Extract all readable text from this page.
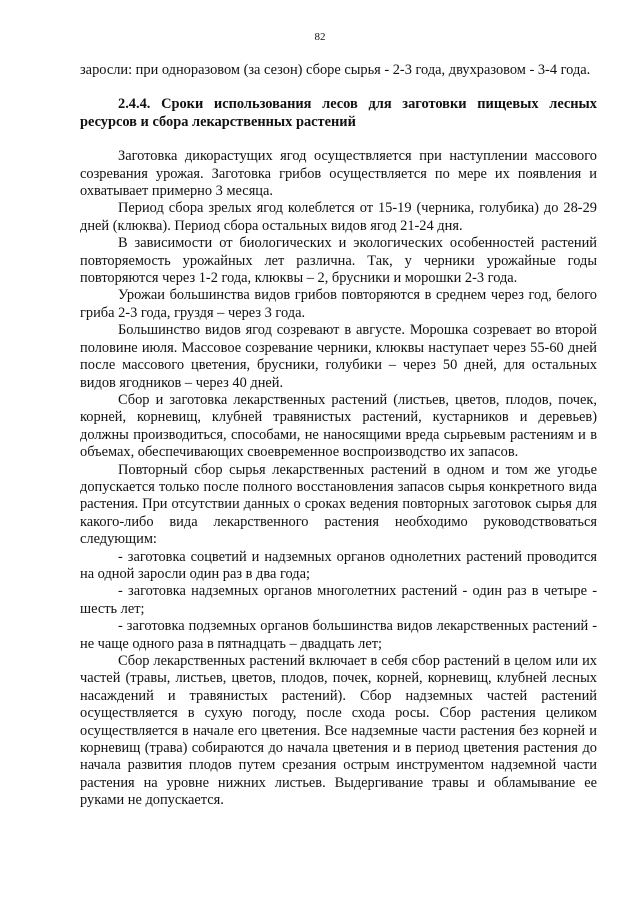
82

заросли: при одноразовом (за сезон) сборе сырья - 2-3 года, двухразовом - 3-4 года.

2.4.4. Сроки использования лесов для заготовки пищевых лесных ресурсов и сбора лекарственных растений

Заготовка дикорастущих ягод осуществляется при наступлении массового созревания урожая. Заготовка грибов осуществляется по мере их появления и охватывает примерно 3 месяца.

Период сбора зрелых ягод колеблется от 15-19 (черника, голубика) до 28-29 дней (клюква). Период сбора остальных видов ягод 21-24 дня.

В зависимости от биологических и экологических особенностей растений повторяемость урожайных лет различна. Так, у черники урожайные годы повторяются через 1-2 года, клюквы – 2, брусники и морошки 2-3 года.

Урожаи большинства видов грибов повторяются в среднем через год, белого гриба 2-3 года, груздя – через 3 года.

Большинство видов ягод созревают в августе. Морошка созревает во второй половине июля. Массовое созревание черники, клюквы наступает через 55-60 дней после массового цветения, брусники, голубики – через 50 дней, для остальных видов ягодников – через 40 дней.

Сбор и заготовка лекарственных растений (листьев, цветов, плодов, почек, корней, корневищ, клубней травянистых растений, кустарников и деревьев) должны производиться, способами, не наносящими вреда сырьевым растениям и в объемах, обеспечивающих своевременное воспроизводство их запасов.

Повторный сбор сырья лекарственных растений в одном и том же угодье допускается только после полного восстановления запасов сырья конкретного вида растения. При отсутствии данных о сроках ведения повторных заготовок сырья для какого-либо вида лекарственного растения необходимо руководствоваться следующим:

- заготовка соцветий и надземных органов однолетних растений проводится на одной заросли один раз в два года;

- заготовка надземных органов многолетних растений - один раз в четыре - шесть лет;

- заготовка подземных органов большинства видов лекарственных растений - не чаще одного раза в пятнадцать – двадцать лет;

Сбор лекарственных растений включает в себя сбор растений в целом или их частей (травы, листьев, цветов, плодов, почек, корней, корневищ, клубней лесных насаждений и травянистых растений). Сбор надземных частей растений осуществляется в сухую погоду, после схода росы. Сбор растения целиком осуществляется в начале его цветения. Все надземные части растения без корней и корневищ (трава) собираются до начала цветения и в период цветения растения до начала развития плодов путем срезания острым инструментом надземной части растения на уровне нижних листьев. Выдергивание травы и обламывание ее руками не допускается.
